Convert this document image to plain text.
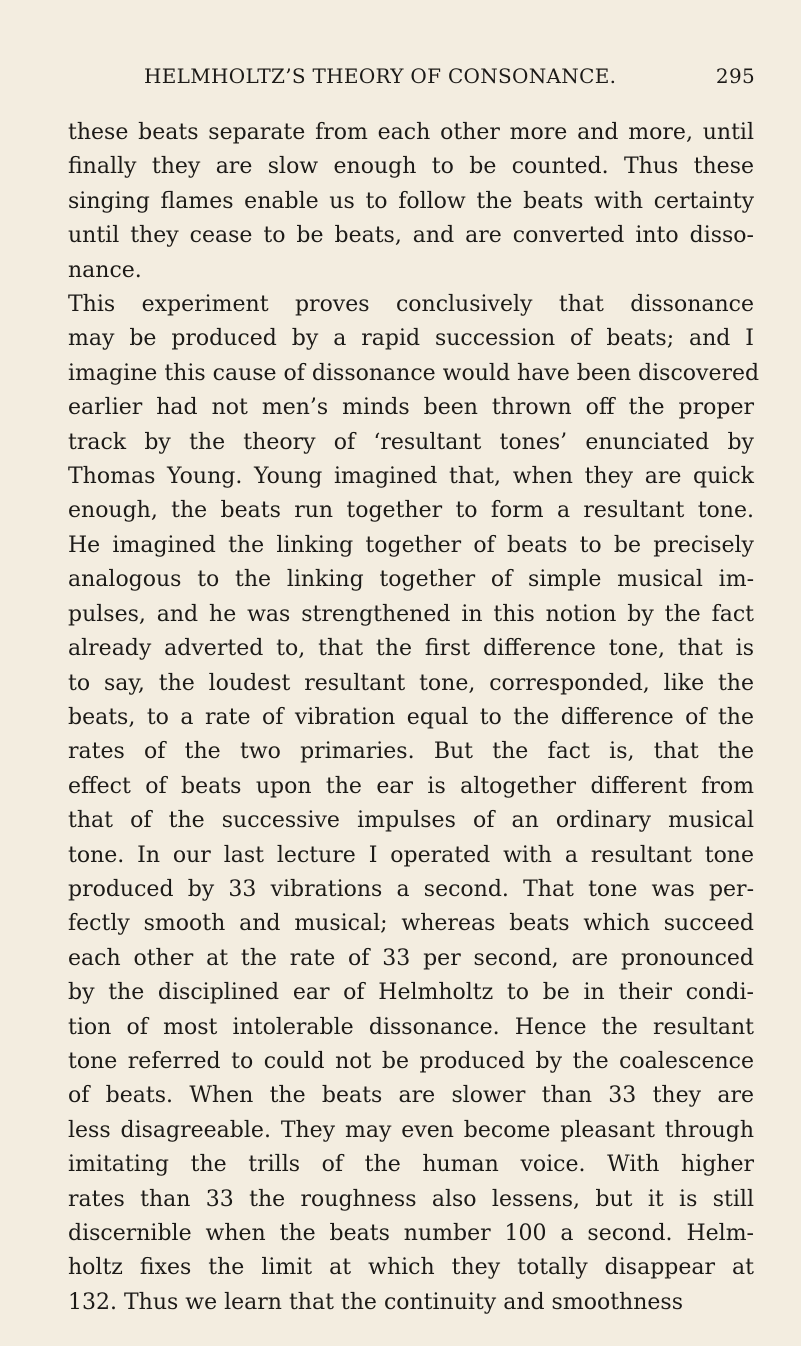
HELMHOLTZ’S THEORY OF CONSONANCE.	295

these beats separate from each other more and more, until
finally they are slow enough to be counted. Thus these
singing flames enable us to follow the beats with certainty
until they cease to be beats, and are converted into disso-
nance.

This experiment proves conclusively that dissonance
may be produced by a rapid succession of beats; and I
imagine this cause of dissonance would have been discovered
earlier had not men’s minds been thrown off the proper
track by the theory of ‘resultant tones’ enunciated by
Thomas Young. Young imagined that, when they are quick
enough, the beats run together to form a resultant tone.
He imagined the linking together of beats to be precisely
analogous to the linking together of simple musical im-
pulses, and he was strengthened in this notion by the fact
already adverted to, that the first difference tone, that is
to say, the loudest resultant tone, corresponded, like the
beats, to a rate of vibration equal to the difference of the
rates of the two primaries. But the fact is, that the
effect of beats upon the ear is altogether different from
that of the successive impulses of an ordinary musical
tone. In our last lecture I operated with a resultant tone
produced by 33 vibrations a second. That tone was per-
fectly smooth and musical; whereas beats which succeed
each other at the rate of 33 per second, are pronounced
by the disciplined ear of Helmholtz to be in their condi-
tion of most intolerable dissonance. Hence the resultant
tone referred to could not be produced by the coalescence
of beats. When the beats are slower than 33 they are
less disagreeable. They may even become pleasant through
imitating the trills of the human voice. With higher
rates than 33 the roughness also lessens, but it is still
discernible when the beats number 100 a second. Helm-
holtz fixes the limit at which they totally disappear at
132. Thus we learn that the continuity and smoothness
